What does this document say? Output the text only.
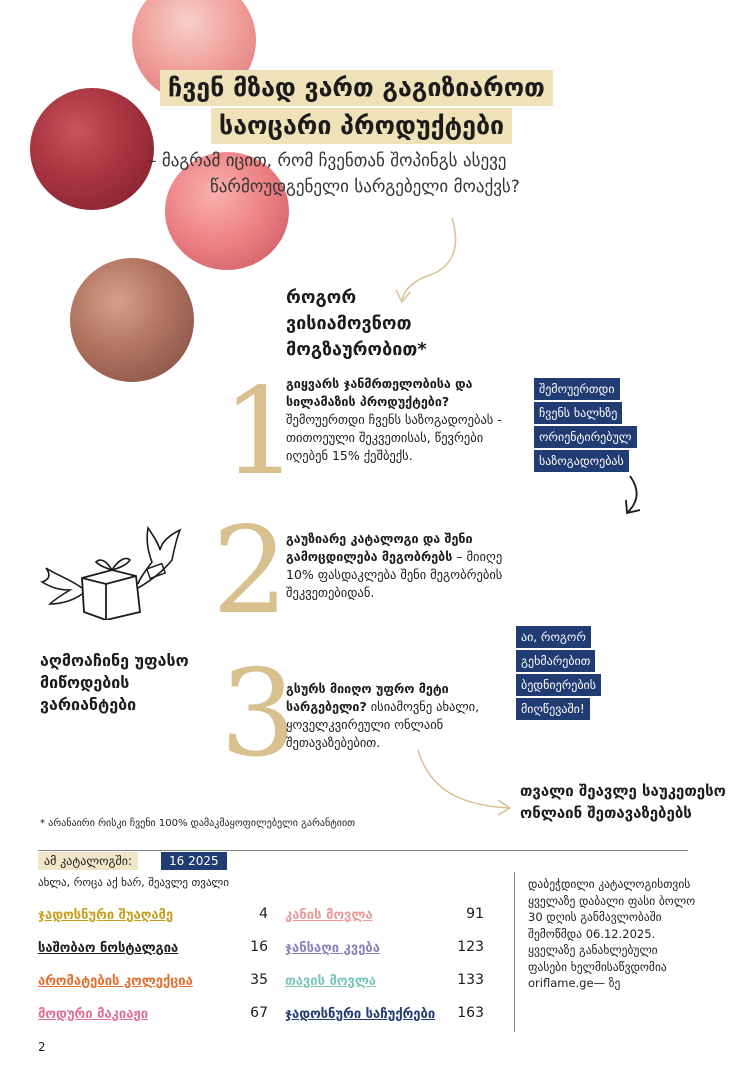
ჩვენ მზად ვართ გაგიზიაროთ
საოცარი პროდუქტები
– მაგრამ იცით, რომ ჩვენთან შოპინგს ასევე
წარმოუდგენელი სარგებელი მოაქვს?
როგორ ვისიამოვნოთ მოგზაურობით*
1
2
3
გიყვარს ჯანმრთელობისა და სილამაზის პროდუქტები? შემოუერთდი ჩვენს საზოგადოებას - თითოეული შეკვეთისას, წევრები იღებენ 15% ქეშბექს.
გაუზიარე კატალოგი და შენი გამოცდილება მეგობრებს – მიიღე 10% ფასდაკლება შენი მეგობრების შეკვეთებიდან.
გსურს მიიღო უფრო მეტი სარგებელი? ისიამოვნე ახალი, ყოველკვირეული ონლაინ შეთავაზებებით.
შემოუერთდი
ჩვენს ხალხზე
ორიენტირებულ
საზოგადოებას
აი, როგორ
გეხმარებით
ბედნიერების
მიღწევაში!
აღმოაჩინე უფასო მიწოდების ვარიანტები
თვალი შეავლე საუკეთესო ონლაინ შეთავაზებებს
* არანაირი რისკი ჩვენი 100% დამაკმაყოფილებელი გარანტიით
ამ კატალოგში:	16 2025
ახლა, როცა აქ ხარ, შეავლე თვალი
ჯადოსნური შუაღამე	4
საშობაო ნოსტალგია	16
არომატების კოლექცია	35
მოდური მაკიაჟი	67
კანის მოვლა	91
ჯანსაღი კვება	123
თავის მოვლა	133
ჯადოსნური საჩუქრები	163
დაბეჭდილი კატალოგისთვის ყველაზე დაბალი ფასი ბოლო 30 დღის განმავლობაში შემოწმდა 06.12.2025. ყველაზე განახლებული ფასები ხელმისაწვდომია oriflame.ge— ზე
2
